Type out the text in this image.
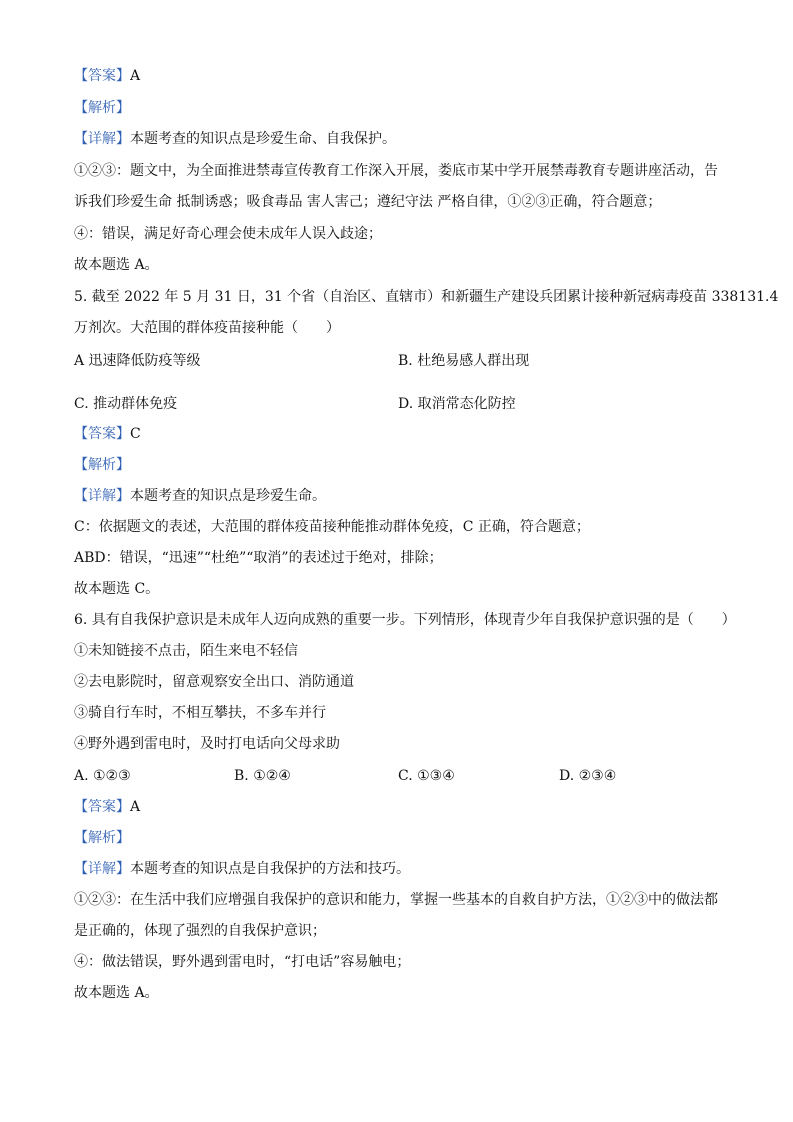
【答案】A
【解析】
【详解】本题考查的知识点是珍爱生命、自我保护。
①②③：题文中，为全面推进禁毒宣传教育工作深入开展，娄底市某中学开展禁毒教育专题讲座活动，告
诉我们珍爱生命 抵制诱惑；吸食毒品 害人害己；遵纪守法 严格自律，①②③正确，符合题意；
④：错误，满足好奇心理会使未成年人误入歧途；
故本题选 A。
5. 截至 2022 年 5 月 31 日，31 个省（自治区、直辖市）和新疆生产建设兵团累计接种新冠病毒疫苗 338131.4
万剂次。大范围的群体疫苗接种能（　　）
A 迅速降低防疫等级	B. 杜绝易感人群出现
C. 推动群体免疫	D. 取消常态化防控
【答案】C
【解析】
【详解】本题考查的知识点是珍爱生命。
C：依据题文的表述，大范围的群体疫苗接种能推动群体免疫，C 正确，符合题意；
ABD：错误，“迅速”“杜绝”“取消”的表述过于绝对，排除；
故本题选 C。
6. 具有自我保护意识是未成年人迈向成熟的重要一步。下列情形，体现青少年自我保护意识强的是（　　）
①未知链接不点击，陌生来电不轻信
②去电影院时，留意观察安全出口、消防通道
③骑自行车时，不相互攀扶，不多车并行
④野外遇到雷电时，及时打电话向父母求助
A. ①②③	B. ①②④	C. ①③④	D. ②③④
【答案】A
【解析】
【详解】本题考查的知识点是自我保护的方法和技巧。
①②③：在生活中我们应增强自我保护的意识和能力，掌握一些基本的自救自护方法，①②③中的做法都
是正确的，体现了强烈的自我保护意识；
④：做法错误，野外遇到雷电时，“打电话”容易触电；
故本题选 A。
